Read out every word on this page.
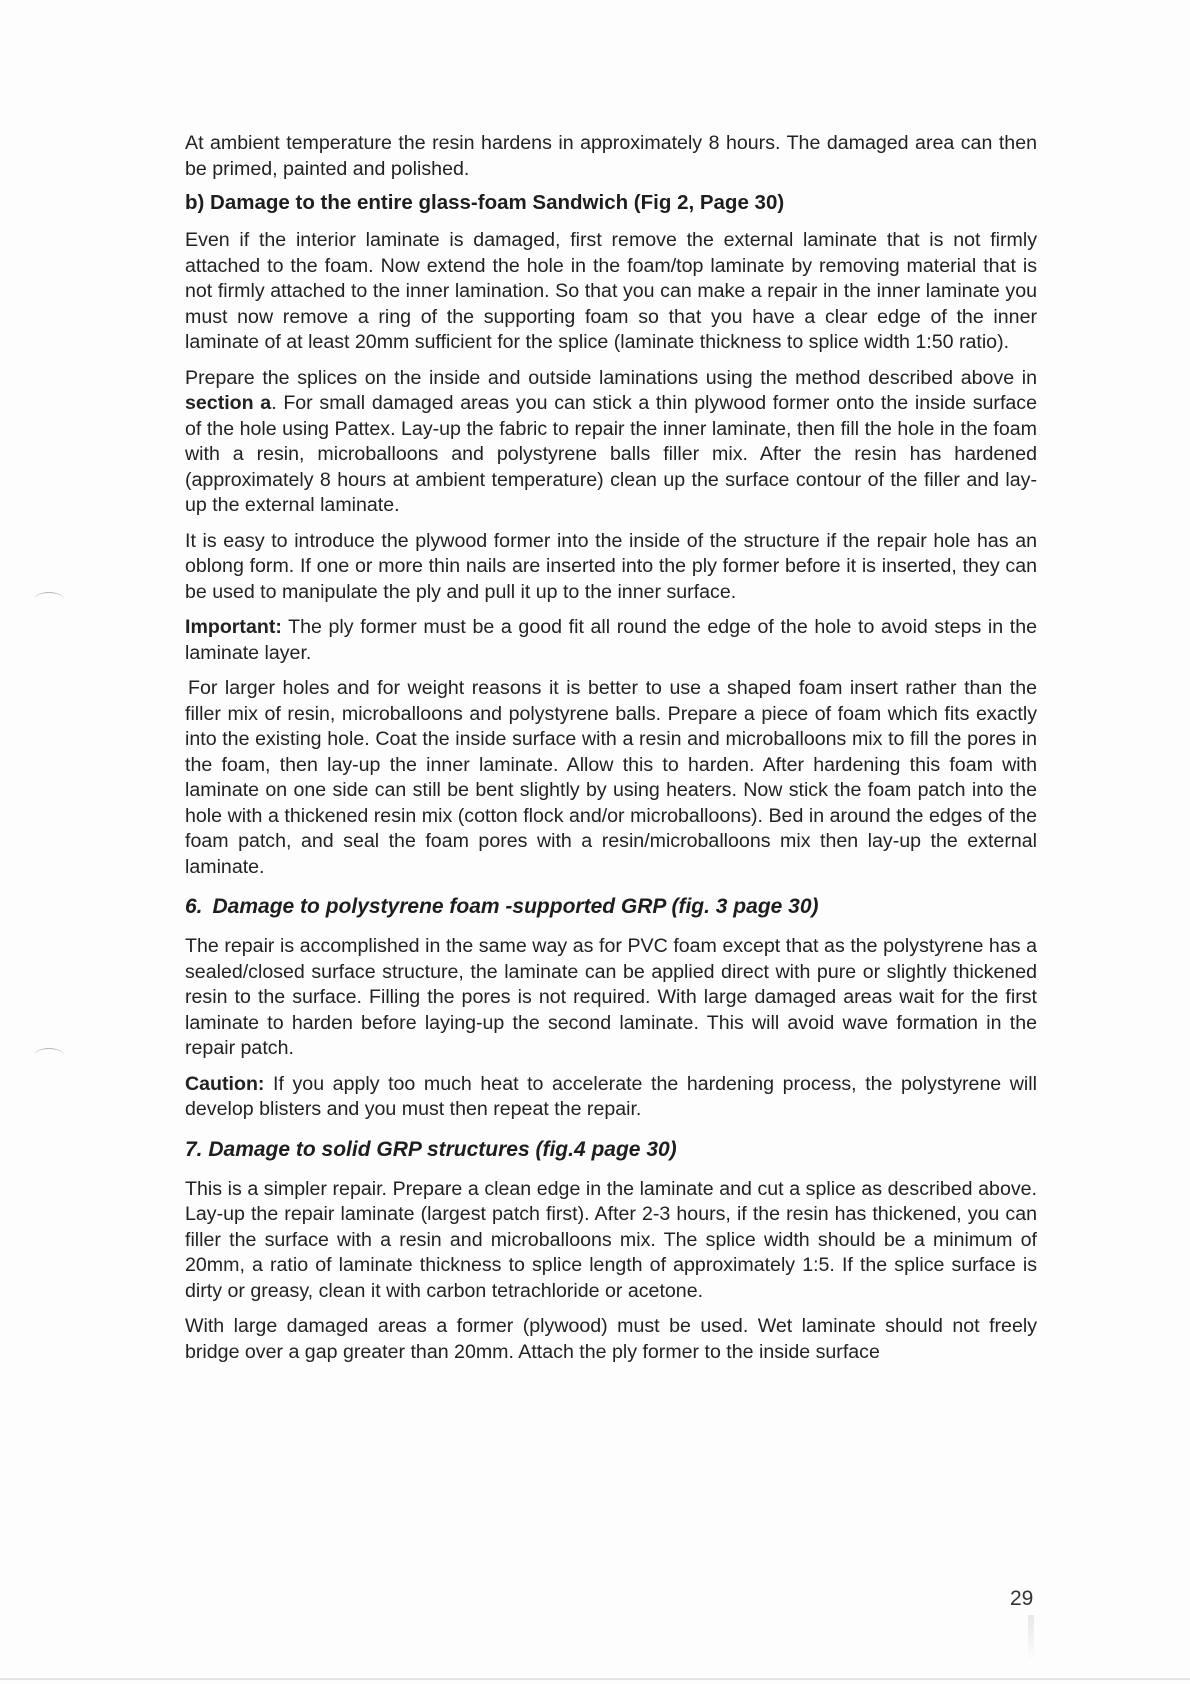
At ambient temperature the resin hardens in approximately 8 hours. The damaged area can then be primed, painted and polished.

b) Damage to the entire glass-foam Sandwich (Fig 2, Page 30)

Even if the interior laminate is damaged, first remove the external laminate that is not firmly attached to the foam. Now extend the hole in the foam/top laminate by removing material that is not firmly attached to the inner lamination. So that you can make a repair in the inner laminate you must now remove a ring of the supporting foam so that you have a clear edge of the inner laminate of at least 20mm sufficient for the splice (laminate thickness to splice width 1:50 ratio).

Prepare the splices on the inside and outside laminations using the method described above in section a. For small damaged areas you can stick a thin plywood former onto the inside surface of the hole using Pattex. Lay-up the fabric to repair the inner laminate, then fill the hole in the foam with a resin, microballoons and polystyrene balls filler mix. After the resin has hardened (approximately 8 hours at ambient temperature) clean up the surface contour of the filler and lay-up the external laminate.

It is easy to introduce the plywood former into the inside of the structure if the repair hole has an oblong form. If one or more thin nails are inserted into the ply former before it is inserted, they can be used to manipulate the ply and pull it up to the inner surface.

Important: The ply former must be a good fit all round the edge of the hole to avoid steps in the laminate layer.

For larger holes and for weight reasons it is better to use a shaped foam insert rather than the filler mix of resin, microballoons and polystyrene balls. Prepare a piece of foam which fits exactly into the existing hole. Coat the inside surface with a resin and microballoons mix to fill the pores in the foam, then lay-up the inner laminate. Allow this to harden. After hardening this foam with laminate on one side can still be bent slightly by using heaters. Now stick the foam patch into the hole with a thickened resin mix (cotton flock and/or microballoons). Bed in around the edges of the foam patch, and seal the foam pores with a resin/microballoons mix then lay-up the external laminate.

6. Damage to polystyrene foam -supported GRP (fig. 3 page 30)

The repair is accomplished in the same way as for PVC foam except that as the polystyrene has a sealed/closed surface structure, the laminate can be applied direct with pure or slightly thickened resin to the surface. Filling the pores is not required. With large damaged areas wait for the first laminate to harden before laying-up the second laminate. This will avoid wave formation in the repair patch.

Caution: If you apply too much heat to accelerate the hardening process, the polystyrene will develop blisters and you must then repeat the repair.

7. Damage to solid GRP structures (fig.4 page 30)

This is a simpler repair. Prepare a clean edge in the laminate and cut a splice as described above. Lay-up the repair laminate (largest patch first). After 2-3 hours, if the resin has thickened, you can filler the surface with a resin and microballoons mix. The splice width should be a minimum of 20mm, a ratio of laminate thickness to splice length of approximately 1:5. If the splice surface is dirty or greasy, clean it with carbon tetrachloride or acetone.

With large damaged areas a former (plywood) must be used. Wet laminate should not freely bridge over a gap greater than 20mm. Attach the ply former to the inside surface

29
